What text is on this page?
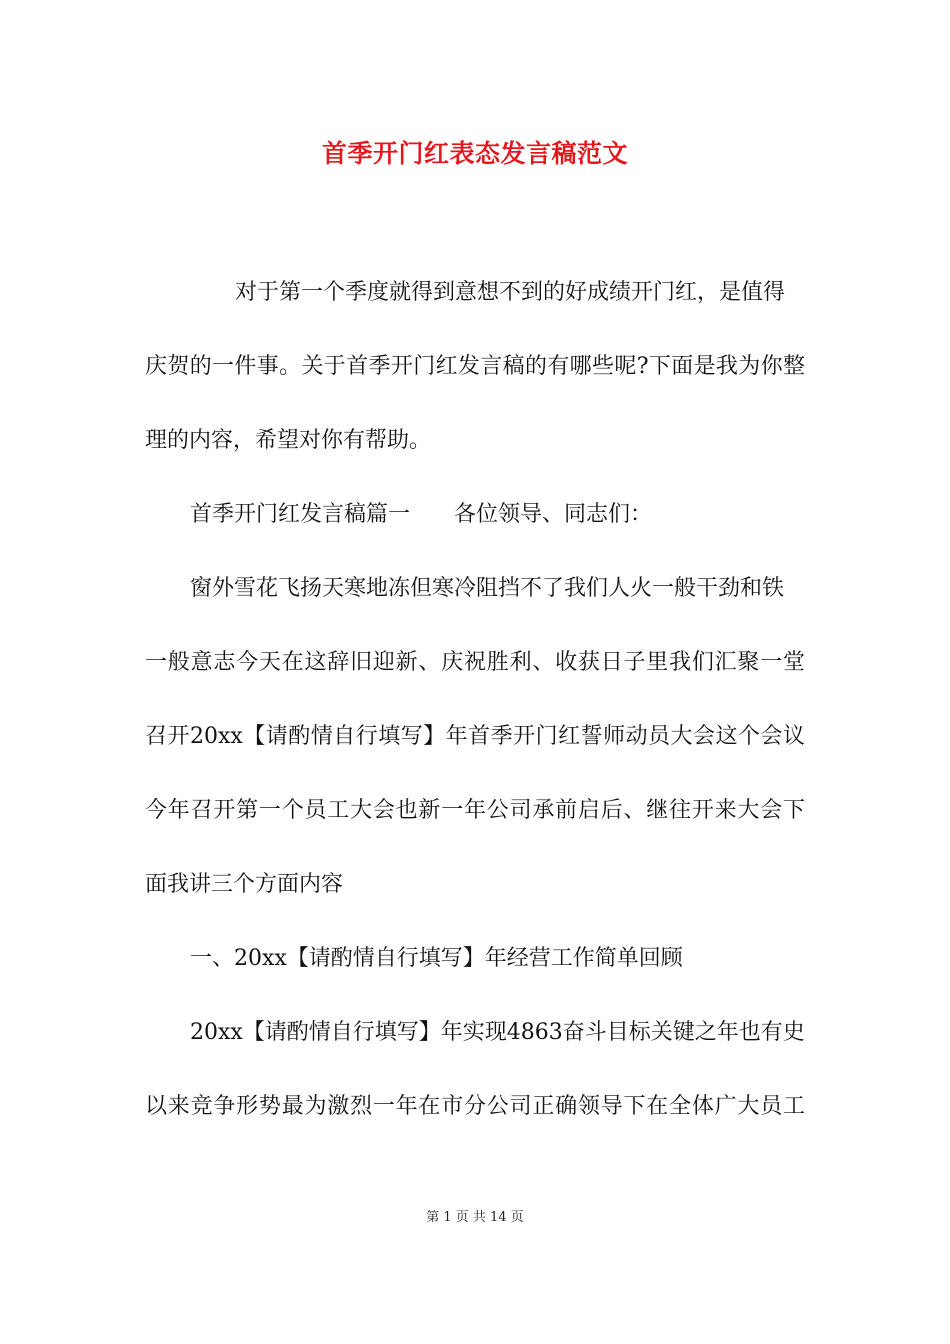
首季开门红表态发言稿范文
对于第一个季度就得到意想不到的好成绩开门红，是值得
庆贺的一件事。关于首季开门红发言稿的有哪些呢?下面是我为你整
理的内容，希望对你有帮助。
首季开门红发言稿篇一　　各位领导、同志们：
窗外雪花飞扬天寒地冻但寒冷阻挡不了我们人火一般干劲和铁
一般意志今天在这辞旧迎新、庆祝胜利、收获日子里我们汇聚一堂
召开20xx【请酌情自行填写】年首季开门红誓师动员大会这个会议
今年召开第一个员工大会也新一年公司承前启后、继往开来大会下
面我讲三个方面内容
一、20xx【请酌情自行填写】年经营工作简单回顾
20xx【请酌情自行填写】年实现4863奋斗目标关键之年也有史
以来竞争形势最为激烈一年在市分公司正确领导下在全体广大员工
第 1 页 共 14 页
